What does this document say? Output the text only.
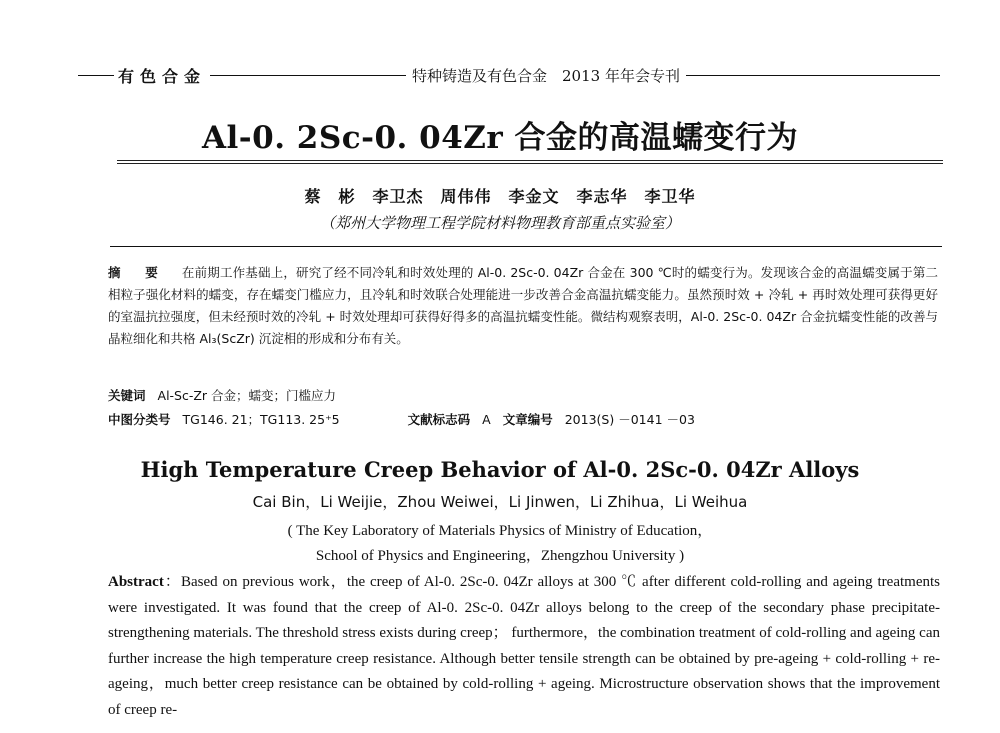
有色合金	特种铸造及有色合金　2013 年年会专刊
Al-0. 2Sc-0. 04Zr 合金的高温蠕变行为
蔡　彬　李卫杰　周伟伟　李金文　李志华　李卫华
（郑州大学物理工程学院材料物理教育部重点实验室）
摘 要 在前期工作基础上，研究了经不同冷轧和时效处理的 Al-0. 2Sc-0. 04Zr 合金在 300 ℃时的蠕变行为。发现该合金的高温蠕变属于第二相粒子强化材料的蠕变，存在蠕变门槛应力，且冷轧和时效联合处理能进一步改善合金高温抗蠕变能力。虽然预时效 + 冷轧 + 再时效处理可获得更好的室温抗拉强度，但未经预时效的冷轧 + 时效处理却可获得好得多的高温抗蠕变性能。微结构观察表明，Al-0. 2Sc-0. 04Zr 合金抗蠕变性能的改善与晶粒细化和共格 Al₃(ScZr) 沉淀相的形成和分布有关。
关键词 Al-Sc-Zr 合金；蠕变；门槛应力
中图分类号 TG146. 21；TG113. 25⁺5	文献标志码 A 文章编号 2013(S) －0141 －03
High Temperature Creep Behavior of Al-0. 2Sc-0. 04Zr Alloys
Cai Bin，Li Weijie，Zhou Weiwei，Li Jinwen，Li Zhihua，Li Weihua
( The Key Laboratory of Materials Physics of Ministry of Education，
School of Physics and Engineering，Zhengzhou University )
Abstract：Based on previous work，the creep of Al-0. 2Sc-0. 04Zr alloys at 300 ℃ after different cold-rolling and ageing treatments were investigated. It was found that the creep of Al-0. 2Sc-0. 04Zr alloys belong to the creep of the secondary phase precipitate-strengthening materials. The threshold stress exists during creep； furthermore，the combination treatment of cold-rolling and ageing can further increase the high temperature creep resistance. Although better tensile strength can be obtained by pre-ageing + cold-rolling + re-ageing，much better creep resistance can be obtained by cold-rolling + ageing. Microstructure observation shows that the improvement of creep re-
